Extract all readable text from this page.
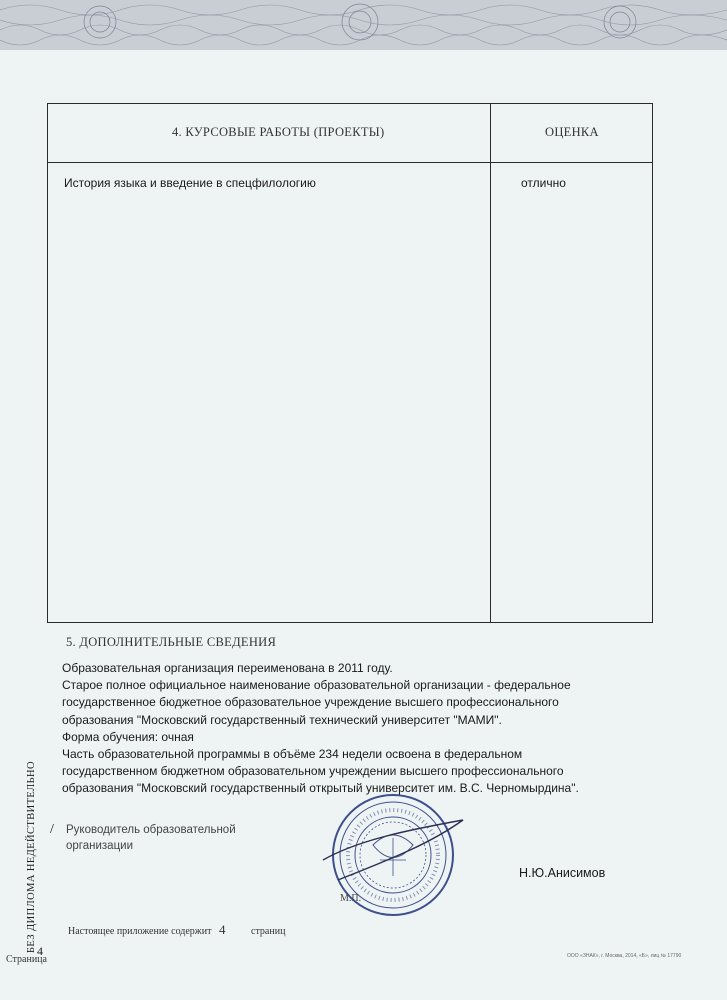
4. КУРСОВЫЕ РАБОТЫ (ПРОЕКТЫ)	ОЦЕНКА
История языка и введение в спецфилологию	отлично
5. ДОПОЛНИТЕЛЬНЫЕ СВЕДЕНИЯ
Образовательная организация переименована в 2011 году.
Старое полное официальное наименование образовательной организации - федеральное
государственное бюджетное образовательное учреждение высшего профессионального
образования "Московский государственный технический университет "МАМИ".
Форма обучения: очная
Часть образовательной программы в объёме 234 недели освоена в федеральном
государственном бюджетном образовательном учреждении высшего профессионального
образования "Московский государственный открытый университет им. В.С. Черномырдина".
БЕЗ ДИПЛОМА НЕДЕЙСТВИТЕЛЬНО / Руководитель образовательной организации
М.П.
Н.Ю.Анисимов
Настоящее приложение содержит 4	страниц
Страница
4	ООО «ЗНАК», г. Москва, 2014, «Б», лиц № 17790
